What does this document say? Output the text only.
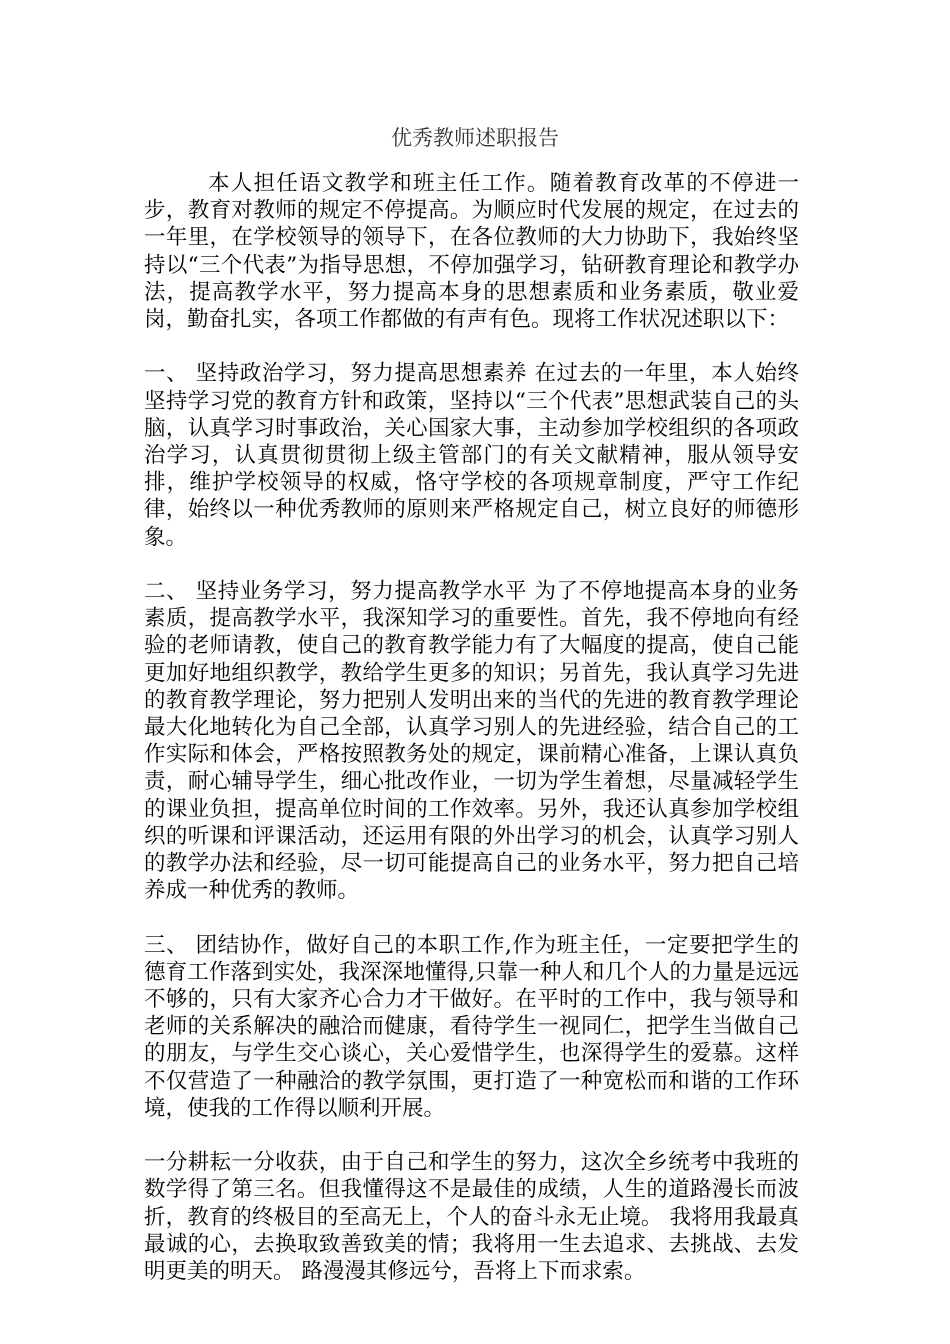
优秀教师述职报告

本人担任语文教学和班主任工作。随着教育改革的不停进一步，教育对教师的规定不停提高。为顺应时代发展的规定，在过去的一年里，在学校领导的领导下，在各位教师的大力协助下，我始终坚持以“三个代表”为指导思想，不停加强学习，钻研教育理论和教学办法，提高教学水平，努力提高本身的思想素质和业务素质，敬业爱岗，勤奋扎实，各项工作都做的有声有色。现将工作状况述职以下：

一、 坚持政治学习，努力提高思想素养 在过去的一年里，本人始终坚持学习党的教育方针和政策，坚持以“三个代表”思想武装自己的头脑，认真学习时事政治，关心国家大事，主动参加学校组织的各项政治学习，认真贯彻贯彻上级主管部门的有关文献精神，服从领导安排，维护学校领导的权威，恪守学校的各项规章制度，严守工作纪律，始终以一种优秀教师的原则来严格规定自己，树立良好的师德形象。

二、 坚持业务学习，努力提高教学水平 为了不停地提高本身的业务素质，提高教学水平，我深知学习的重要性。首先，我不停地向有经验的老师请教，使自己的教育教学能力有了大幅度的提高，使自己能更加好地组织教学，教给学生更多的知识；另首先，我认真学习先进的教育教学理论，努力把别人发明出来的当代的先进的教育教学理论最大化地转化为自己全部，认真学习别人的先进经验，结合自己的工作实际和体会，严格按照教务处的规定，课前精心准备，上课认真负责，耐心辅导学生，细心批改作业，一切为学生着想，尽量减轻学生的课业负担，提高单位时间的工作效率。另外，我还认真参加学校组织的听课和评课活动，还运用有限的外出学习的机会，认真学习别人的教学办法和经验，尽一切可能提高自己的业务水平，努力把自己培养成一种优秀的教师。

三、 团结协作，做好自己的本职工作,作为班主任，一定要把学生的德育工作落到实处，我深深地懂得,只靠一种人和几个人的力量是远远不够的，只有大家齐心合力才干做好。在平时的工作中，我与领导和老师的关系解决的融洽而健康，看待学生一视同仁，把学生当做自己的朋友，与学生交心谈心，关心爱惜学生，也深得学生的爱慕。这样不仅营造了一种融洽的教学氛围，更打造了一种宽松而和谐的工作环境，使我的工作得以顺利开展。

一分耕耘一分收获，由于自己和学生的努力，这次全乡统考中我班的数学得了第三名。但我懂得这不是最佳的成绩，人生的道路漫长而波折，教育的终极目的至高无上，个人的奋斗永无止境。 我将用我最真最诚的心，去换取致善致美的情；我将用一生去追求、去挑战、去发明更美的明天。 路漫漫其修远兮，吾将上下而求索。
